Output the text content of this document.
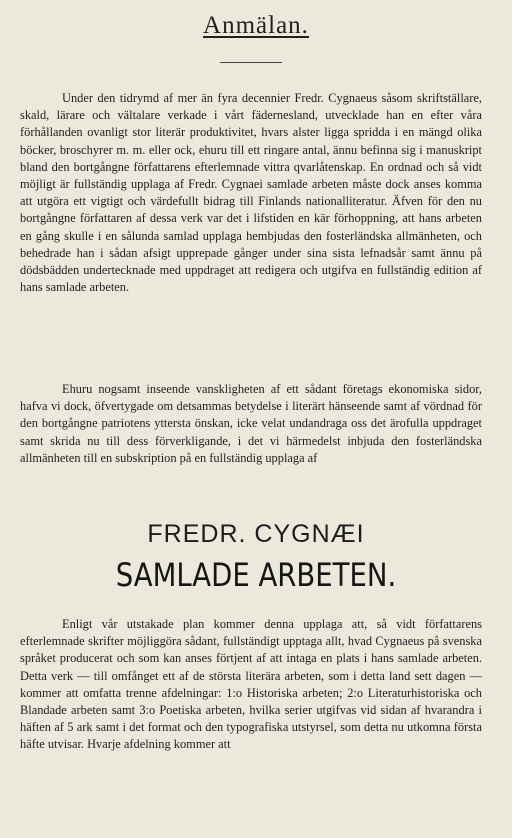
Anmälan.

Under den tidrymd af mer än fyra decennier Fredr. Cygnaeus såsom skriftställare, skald, lärare och vältalare verkade i vårt fädernesland, utvecklade han en efter våra förhållanden ovanligt stor literär produktivitet, hvars alster ligga spridda i en mängd olika böcker, broschyrer m. m. eller ock, ehuru till ett ringare antal, ännu befinna sig i manuskript bland den bortgångne författarens efterlemnade vittra qvarlåtenskap. En ordnad och så vidt möjligt är fullständig upplaga af Fredr. Cygnaei samlade arbeten måste dock anses komma att utgöra ett vigtigt och värdefullt bidrag till Finlands nationalliteratur. Äfven för den nu bortgångne författaren af dessa verk var det i lifstiden en kär förhoppning, att hans arbeten en gång skulle i en sålunda samlad upplaga hembjudas den fosterländska allmänheten, och behedrade han i sådan afsigt upprepade gånger under sina sista lefnadsår samt ännu på dödsbädden undertecknade med uppdraget att redigera och utgifva en fullständig edition af hans samlade arbeten.

Ehuru nogsamt inseende vanskligheten af ett sådant företags ekonomiska sidor, hafva vi dock, öfvertygade om detsammas betydelse i literärt hänseende samt af vördnad för den bortgångne patriotens yttersta önskan, icke velat undandraga oss det ärofulla uppdraget samt skrida nu till dess förverkligande, i det vi härmedelst inbjuda den fosterländska allmänheten till en subskription på en fullständig upplaga af

FREDR. CYGNÆI
SAMLADE ARBETEN.

Enligt vår utstakade plan kommer denna upplaga att, så vidt författarens efterlemnade skrifter möjliggöra sådant, fullständigt upptaga allt, hvad Cygnaeus på svenska språket producerat och som kan anses förtjent af att intaga en plats i hans samlade arbeten. Detta verk — till omfånget ett af de största literära arbeten, som i detta land sett dagen — kommer att omfatta trenne afdelningar: 1:o Historiska arbeten; 2:o Literaturhistoriska och Blandade arbeten samt 3:o Poetiska arbeten, hvilka serier utgifvas vid sidan af hvarandra i häften af 5 ark samt i det format och den typografiska utstyrsel, som detta nu utkomna första häfte utvisar. Hvarje afdelning kommer att
